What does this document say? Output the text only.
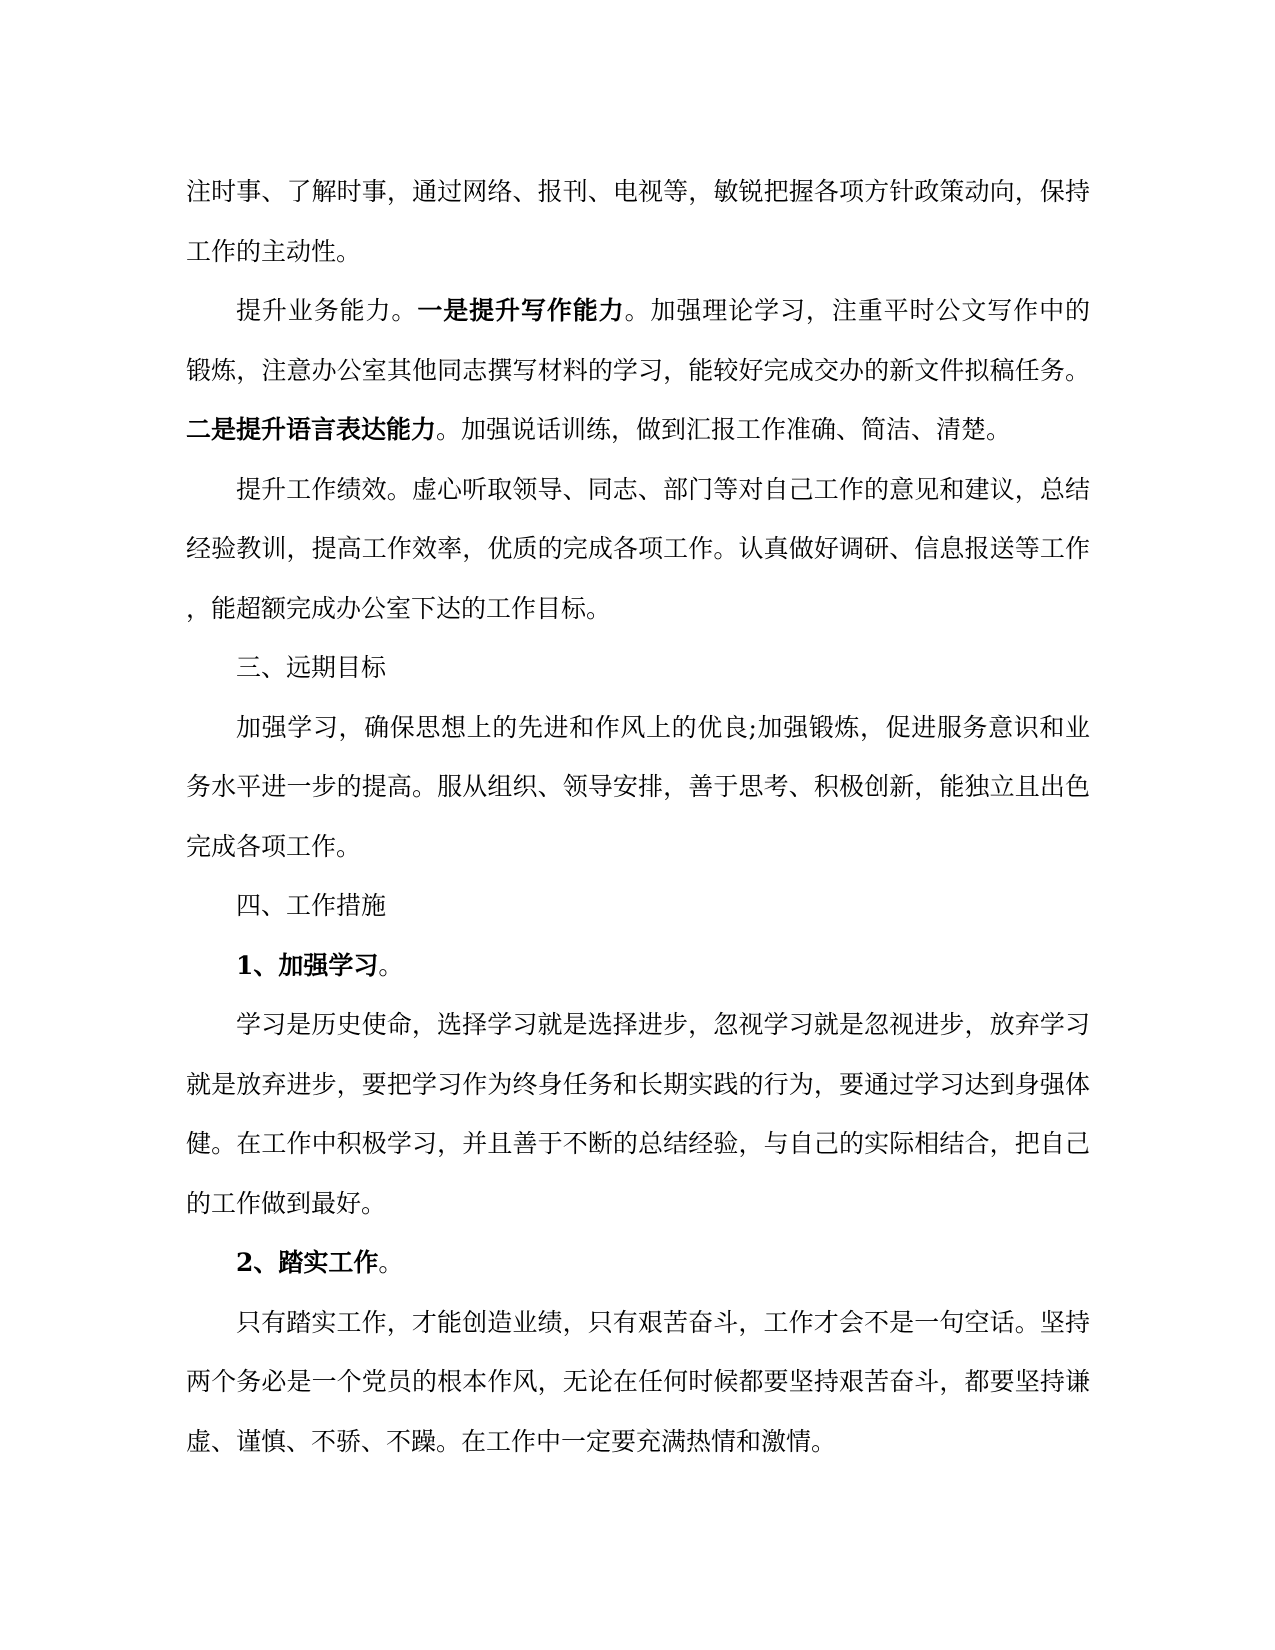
注时事、了解时事，通过网络、报刊、电视等，敏锐把握各项方针政策动向，保持
工作的主动性。
提升业务能力。一是提升写作能力。加强理论学习，注重平时公文写作中的
锻炼，注意办公室其他同志撰写材料的学习，能较好完成交办的新文件拟稿任务。
二是提升语言表达能力。加强说话训练，做到汇报工作准确、简洁、清楚。
提升工作绩效。虚心听取领导、同志、部门等对自己工作的意见和建议，总结
经验教训，提高工作效率，优质的完成各项工作。认真做好调研、信息报送等工作
，能超额完成办公室下达的工作目标。
三、远期目标
加强学习，确保思想上的先进和作风上的优良;加强锻炼，促进服务意识和业
务水平进一步的提高。服从组织、领导安排，善于思考、积极创新，能独立且出色
完成各项工作。
四、工作措施
1、加强学习。
学习是历史使命，选择学习就是选择进步，忽视学习就是忽视进步，放弃学习
就是放弃进步，要把学习作为终身任务和长期实践的行为，要通过学习达到身强体
健。在工作中积极学习，并且善于不断的总结经验，与自己的实际相结合，把自己
的工作做到最好。
2、踏实工作。
只有踏实工作，才能创造业绩，只有艰苦奋斗，工作才会不是一句空话。坚持
两个务必是一个党员的根本作风，无论在任何时候都要坚持艰苦奋斗，都要坚持谦
虚、谨慎、不骄、不躁。在工作中一定要充满热情和激情。
